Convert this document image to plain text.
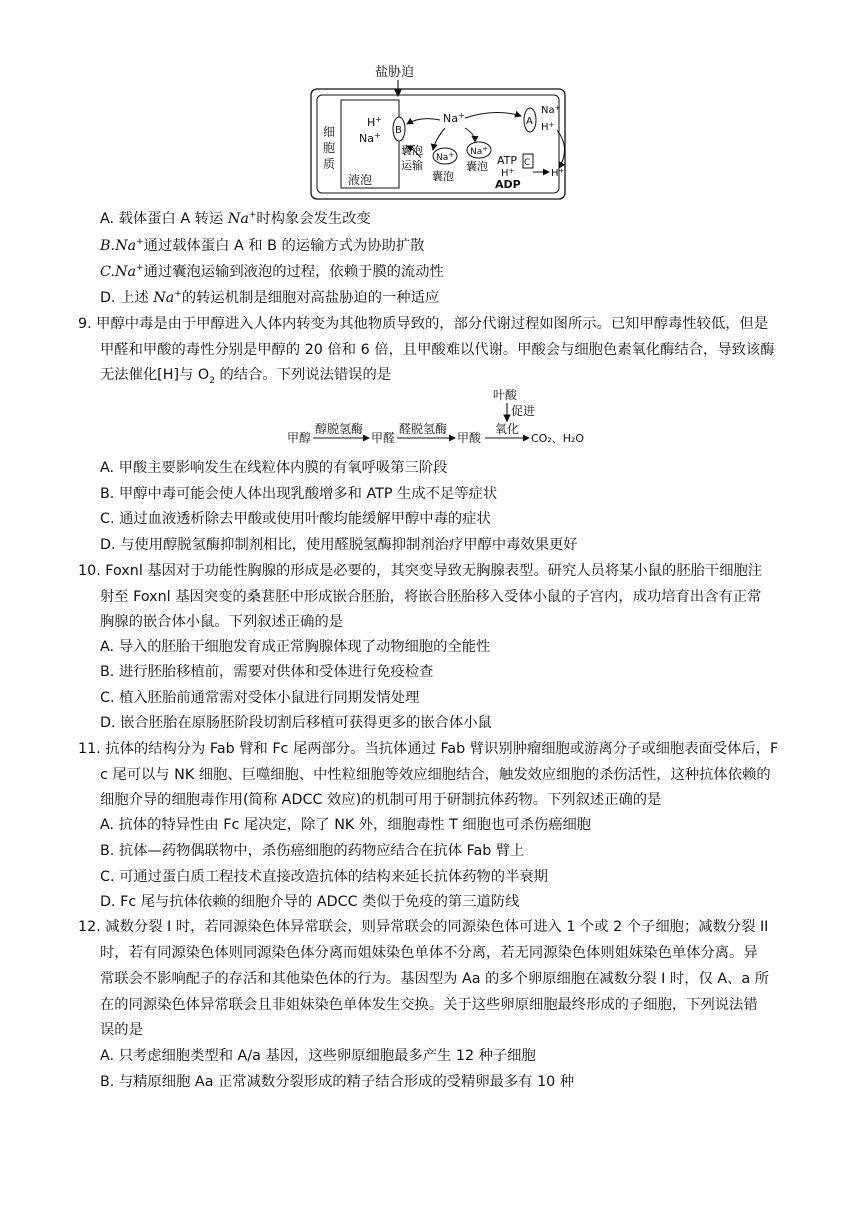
盐胁迫
液泡
细
胞
质
H+
Na+ B
Na+
Na+ Na+
囊泡
运输
囊泡
囊泡
A
Na+
H+
C
ATP
H+
ADP
H+
A. 载体蛋白 A 转运 Na+时构象会发生改变
B.Na+通过载体蛋白 A 和 B 的运输方式为协助扩散
C.Na+通过囊泡运输到液泡的过程，依赖于膜的流动性
D. 上述 Na+的转运机制是细胞对高盐胁迫的一种适应
9. 甲醇中毒是由于甲醇进入人体内转变为其他物质导致的，部分代谢过程如图所示。已知甲醇毒性较低，但是
甲醛和甲酸的毒性分别是甲醇的 20 倍和 6 倍，且甲酸难以代谢。甲酸会与细胞色素氧化酶结合，导致该酶
无法催化[H]与 $O_2$ 的结合。下列说法错误的是
叶酸
促进
甲醇
醇脱氢酶
甲醛
醛脱氢酶
甲酸
氧化
CO₂、H₂O
A. 甲酸主要影响发生在线粒体内膜的有氧呼吸第三阶段
B. 甲醇中毒可能会使人体出现乳酸增多和 ATP 生成不足等症状
C. 通过血液透析除去甲酸或使用叶酸均能缓解甲醇中毒的症状
D. 与使用醇脱氢酶抑制剂相比，使用醛脱氢酶抑制剂治疗甲醇中毒效果更好
10. Foxnl 基因对于功能性胸腺的形成是必要的，其突变导致无胸腺表型。研究人员将某小鼠的胚胎干细胞注
射至 Foxnl 基因突变的桑葚胚中形成嵌合胚胎，将嵌合胚胎移入受体小鼠的子宫内，成功培育出含有正常
胸腺的嵌合体小鼠。下列叙述正确的是
A. 导入的胚胎干细胞发育成正常胸腺体现了动物细胞的全能性
B. 进行胚胎移植前，需要对供体和受体进行免疫检查
C. 植入胚胎前通常需对受体小鼠进行同期发情处理
D. 嵌合胚胎在原肠胚阶段切割后移植可获得更多的嵌合体小鼠
11. 抗体的结构分为 Fab 臂和 Fc 尾两部分。当抗体通过 Fab 臂识别肿瘤细胞或游离分子或细胞表面受体后，F
c 尾可以与 NK 细胞、巨噬细胞、中性粒细胞等效应细胞结合，触发效应细胞的杀伤活性，这种抗体依赖的
细胞介导的细胞毒作用(简称 ADCC 效应)的机制可用于研制抗体药物。下列叙述正确的是
A. 抗体的特异性由 Fc 尾决定，除了 NK 外，细胞毒性 T 细胞也可杀伤癌细胞
B. 抗体—药物偶联物中，杀伤癌细胞的药物应结合在抗体 Fab 臂上
C. 可通过蛋白质工程技术直接改造抗体的结构来延长抗体药物的半衰期
D. Fc 尾与抗体依赖的细胞介导的 ADCC 类似于免疫的第三道防线
12. 减数分裂 I 时，若同源染色体异常联会，则异常联会的同源染色体可进入 1 个或 2 个子细胞；减数分裂 II
时，若有同源染色体则同源染色体分离而姐妹染色单体不分离，若无同源染色体则姐妹染色单体分离。异
常联会不影响配子的存活和其他染色体的行为。基因型为 Aa 的多个卵原细胞在减数分裂 I 时，仅 A、a 所
在的同源染色体异常联会且非姐妹染色单体发生交换。关于这些卵原细胞最终形成的子细胞，下列说法错
误的是
A. 只考虑细胞类型和 A/a 基因，这些卵原细胞最多产生 12 种子细胞
B. 与精原细胞 Aa 正常减数分裂形成的精子结合形成的受精卵最多有 10 种
